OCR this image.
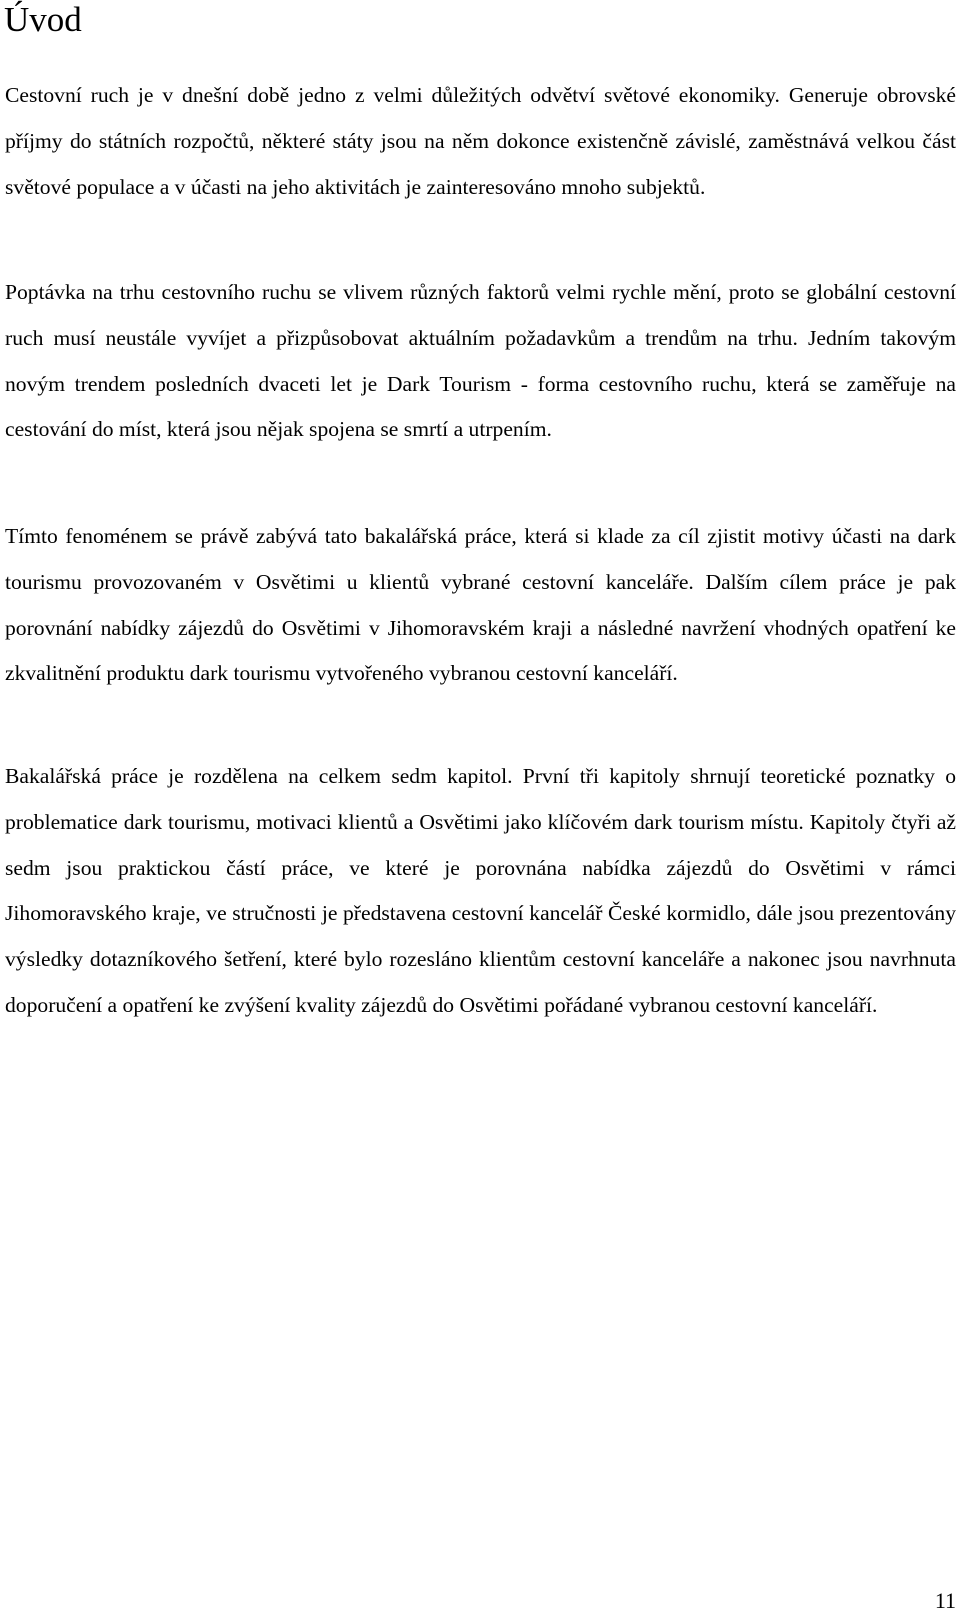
Úvod

Cestovní ruch je v dnešní době jedno z velmi důležitých odvětví světové ekonomiky. Generuje obrovské příjmy do státních rozpočtů, některé státy jsou na něm dokonce existenčně závislé, zaměstnává velkou část světové populace a v účasti na jeho aktivitách je zainteresováno mnoho subjektů.

Poptávka na trhu cestovního ruchu se vlivem různých faktorů velmi rychle mění, proto se globální cestovní ruch musí neustále vyvíjet a přizpůsobovat aktuálním požadavkům a trendům na trhu. Jedním takovým novým trendem posledních dvaceti let je Dark Tourism - forma cestovního ruchu, která se zaměřuje na cestování do míst, která jsou nějak spojena se smrtí a utrpením.

Tímto fenoménem se právě zabývá tato bakalářská práce, která si klade za cíl zjistit motivy účasti na dark tourismu provozovaném v Osvětimi u klientů vybrané cestovní kanceláře. Dalším cílem práce je pak porovnání nabídky zájezdů do Osvětimi v Jihomoravském kraji a následné navržení vhodných opatření ke zkvalitnění produktu dark tourismu vytvořeného vybranou cestovní kanceláří.

Bakalářská práce je rozdělena na celkem sedm kapitol. První tři kapitoly shrnují teoretické poznatky o problematice dark tourismu, motivaci klientů a Osvětimi jako klíčovém dark tourism místu. Kapitoly čtyři až sedm jsou praktickou částí práce, ve které je porovnána nabídka zájezdů do Osvětimi v rámci Jihomoravského kraje, ve stručnosti je představena cestovní kancelář České kormidlo, dále jsou prezentovány výsledky dotazníkového šetření, které bylo rozesláno klientům cestovní kanceláře a nakonec jsou navrhnuta doporučení a opatření ke zvýšení kvality zájezdů do Osvětimi pořádané vybranou cestovní kanceláří.

11
